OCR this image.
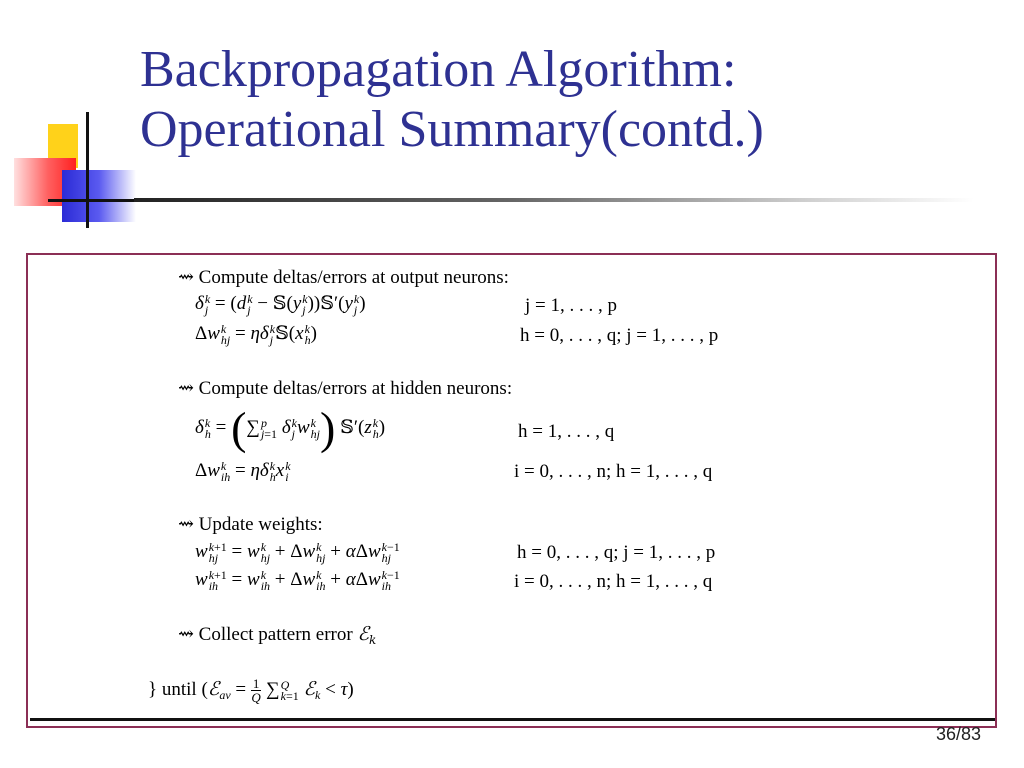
Backpropagation Algorithm:
Operational Summary(contd.)
⇝ Compute deltas/errors at output neurons:
δ k
j = (d k
j − 𝕊(y k
j ))𝕊′(y k
j )	j = 1, . . . , p
Δw k
hj = ηδ k
j 𝕊(x k
h )	h = 0, . . . , q; j = 1, . . . , p
⇝ Compute deltas/errors at hidden neurons:
δ k
h = (∑ p
j=1 δ k
j w k
hj ) 𝕊′(z k
h )	h = 1, . . . , q
Δw k
ih = ηδ k
h x k
i	i = 0, . . . , n; h = 1, . . . , q
⇝ Update weights:
w k+1
hj = w k
hj + Δw k
hj + αΔw k−1
hj	h = 0, . . . , q; j = 1, . . . , p
w k+1
ih = w k
ih + Δw k
ih + αΔw k−1
ih	i = 0, . . . , n; h = 1, . . . , q
⇝ Collect pattern error ℰ$_k$
} until (ℰ$_{av}$ = $\frac{1}{Q}$ ∑ Q
k=1 ℰ$_k$ < τ)
36/83
